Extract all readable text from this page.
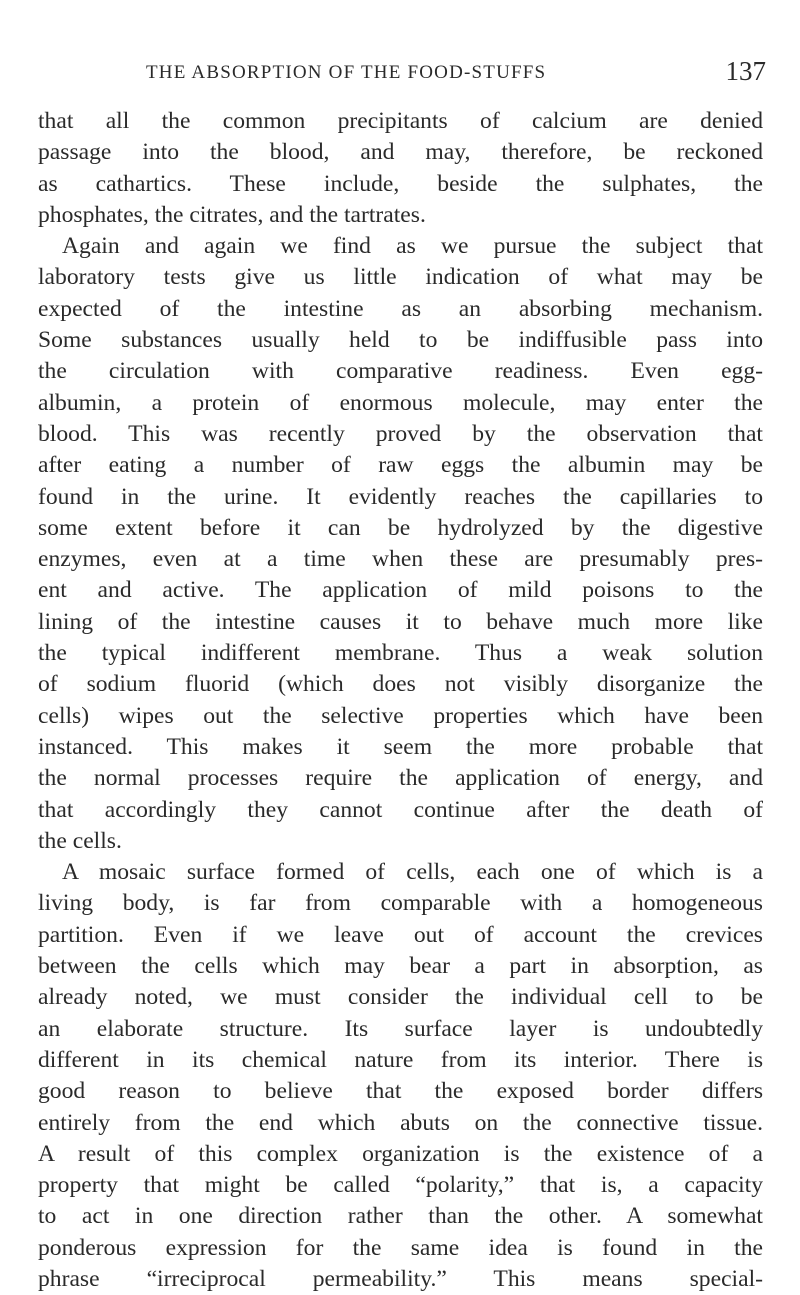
THE ABSORPTION OF THE FOOD-STUFFS	137
that all the common precipitants of calcium are denied
passage into the blood, and may, therefore, be reckoned
as cathartics. These include, beside the sulphates, the
phosphates, the citrates, and the tartrates.
Again and again we find as we pursue the subject that
laboratory tests give us little indication of what may be
expected of the intestine as an absorbing mechanism.
Some substances usually held to be indiffusible pass into
the circulation with comparative readiness. Even egg-
albumin, a protein of enormous molecule, may enter the
blood. This was recently proved by the observation that
after eating a number of raw eggs the albumin may be
found in the urine. It evidently reaches the capillaries to
some extent before it can be hydrolyzed by the digestive
enzymes, even at a time when these are presumably pres-
ent and active. The application of mild poisons to the
lining of the intestine causes it to behave much more like
the typical indifferent membrane. Thus a weak solution
of sodium fluorid (which does not visibly disorganize the
cells) wipes out the selective properties which have been
instanced. This makes it seem the more probable that
the normal processes require the application of energy, and
that accordingly they cannot continue after the death of
the cells.
A mosaic surface formed of cells, each one of which is a
living body, is far from comparable with a homogeneous
partition. Even if we leave out of account the crevices
between the cells which may bear a part in absorption, as
already noted, we must consider the individual cell to be
an elaborate structure. Its surface layer is undoubtedly
different in its chemical nature from its interior. There is
good reason to believe that the exposed border differs
entirely from the end which abuts on the connective tissue.
A result of this complex organization is the existence of a
property that might be called “polarity,” that is, a capacity
to act in one direction rather than the other. A somewhat
ponderous expression for the same idea is found in the
phrase “irreciprocal permeability.” This means special-
